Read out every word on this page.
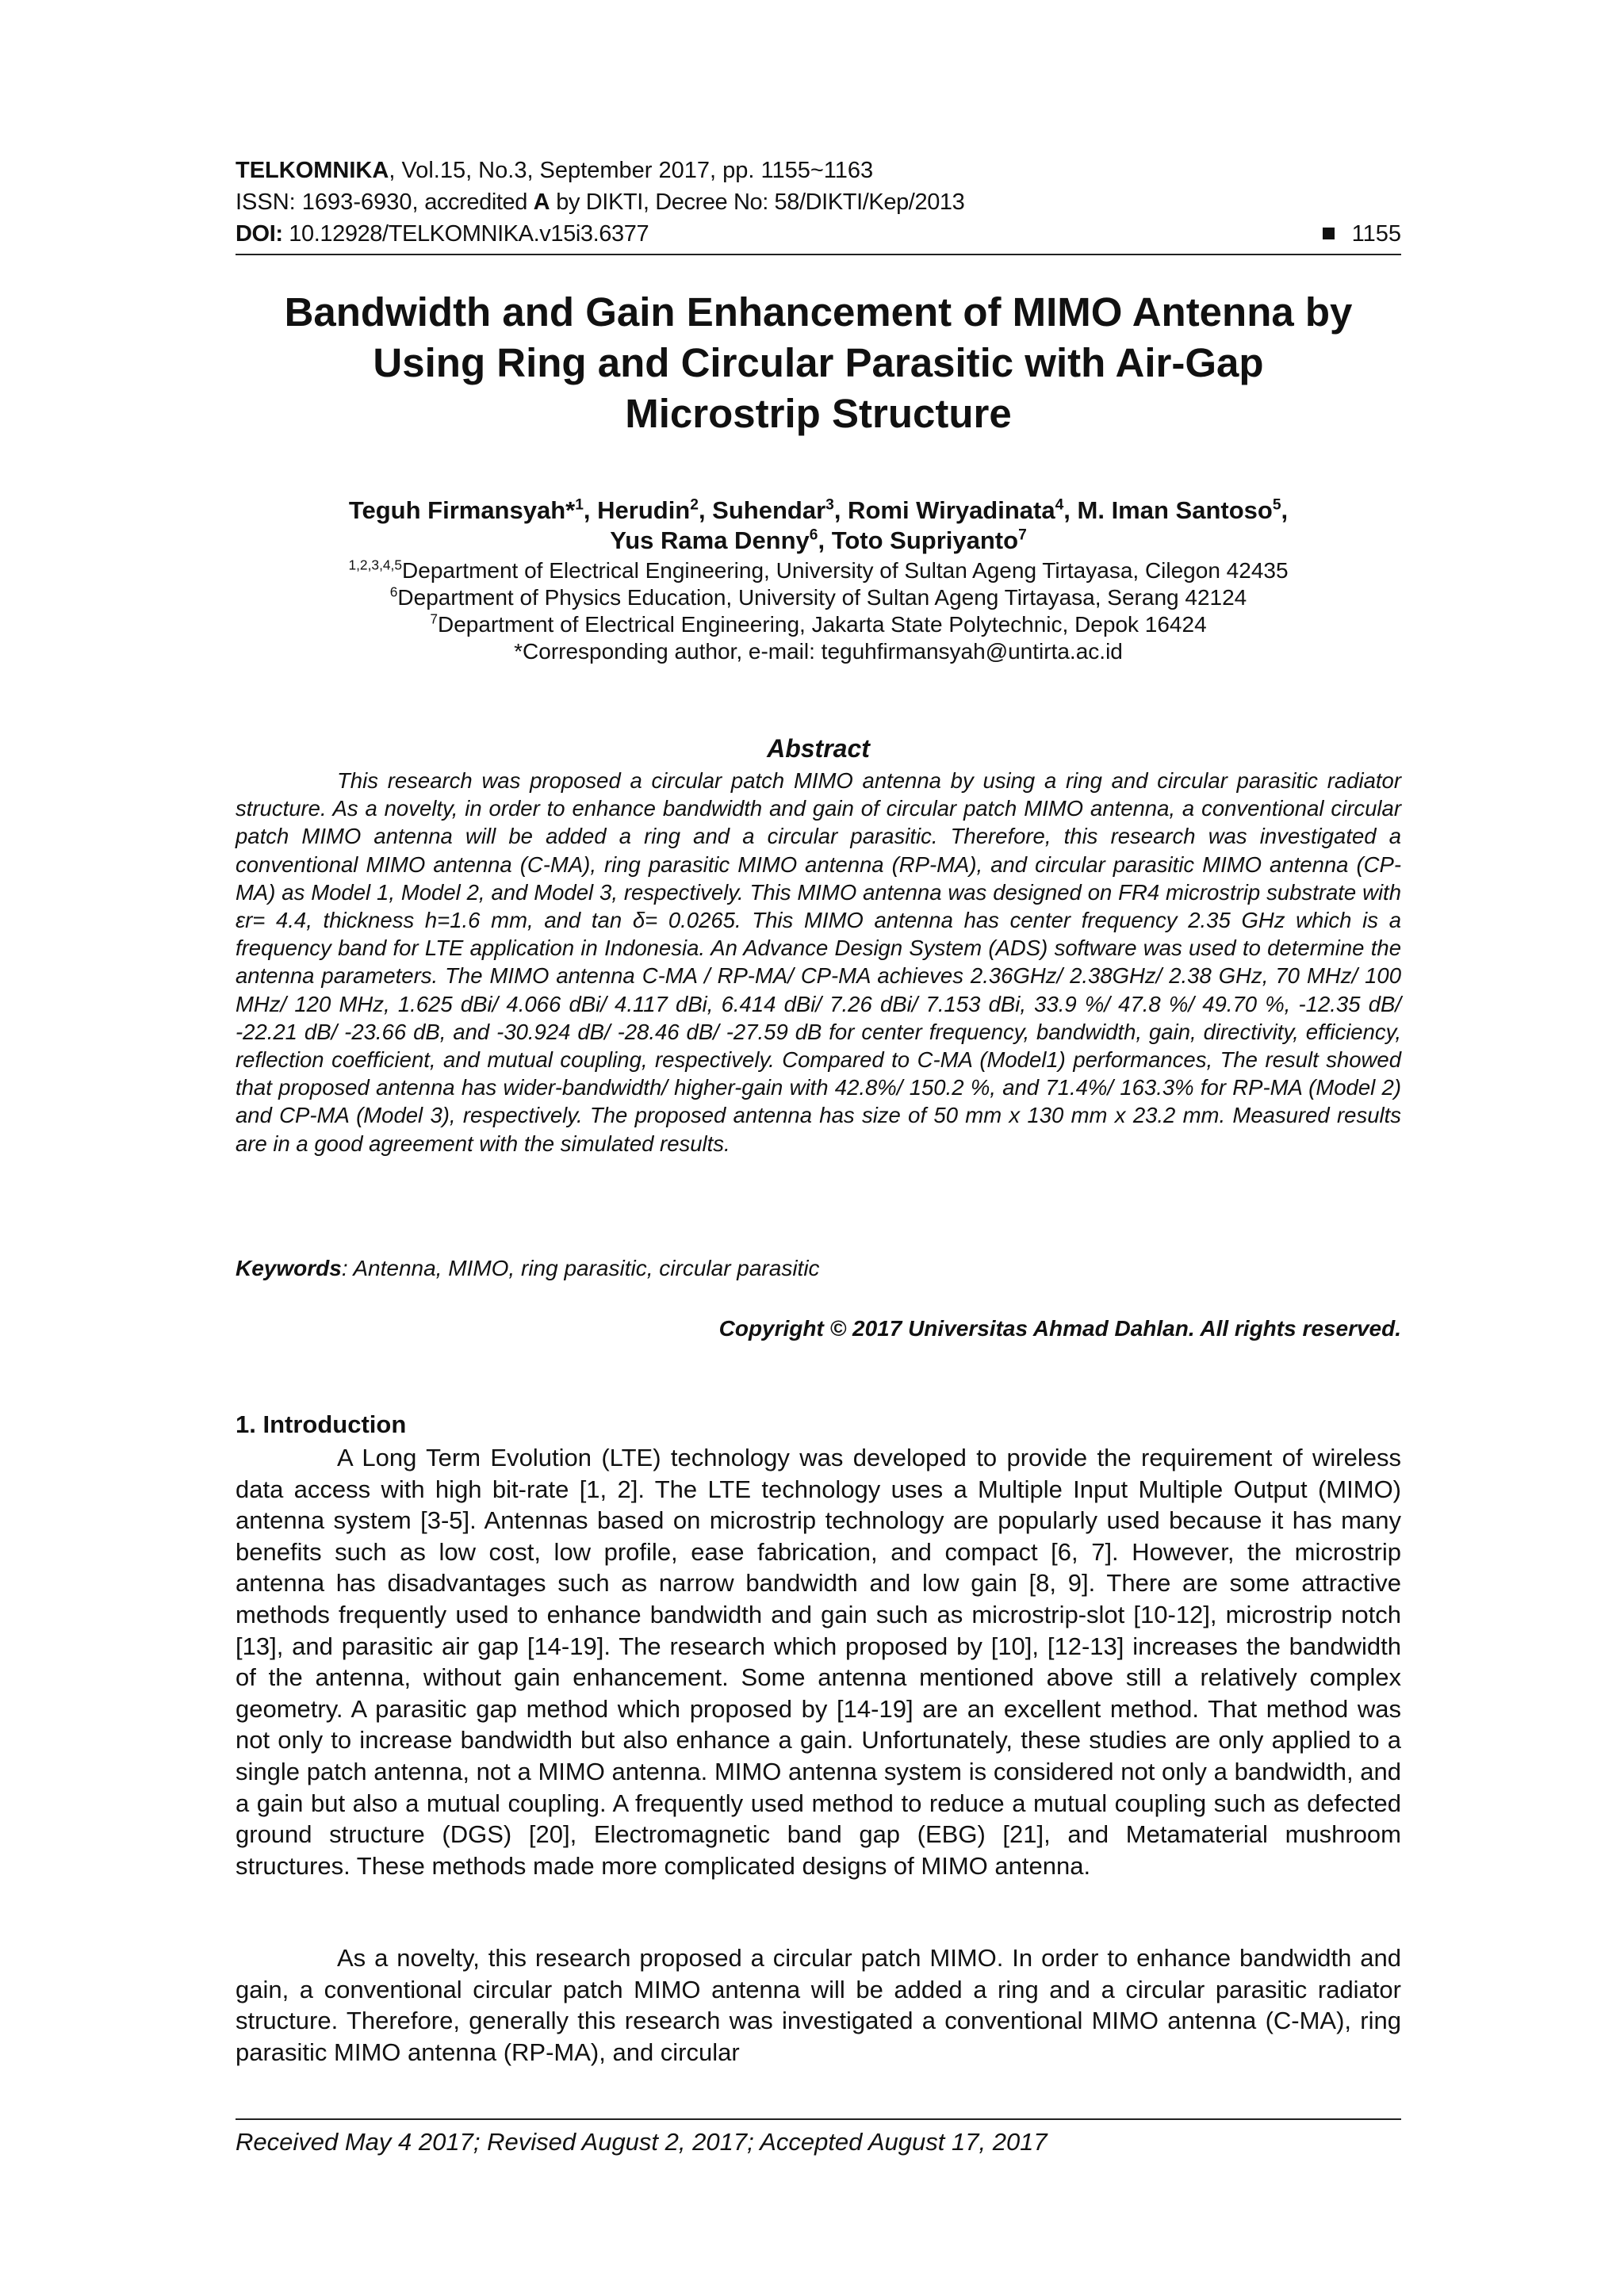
TELKOMNIKA, Vol.15, No.3, September 2017, pp. 1155~1163
ISSN: 1693-6930, accredited A by DIKTI, Decree No: 58/DIKTI/Kep/2013
DOI: 10.12928/TELKOMNIKA.v15i3.6377	1155
Bandwidth and Gain Enhancement of MIMO Antenna by
Using Ring and Circular Parasitic with Air-Gap
Microstrip Structure
Teguh Firmansyah*$^1$, Herudin$^2$, Suhendar$^3$, Romi Wiryadinata$^4$, M. Iman Santoso$^5$,
Yus Rama Denny$^6$, Toto Supriyanto$^7$
$^{1,2,3,4,5}$Department of Electrical Engineering, University of Sultan Ageng Tirtayasa, Cilegon 42435
$^6$Department of Physics Education, University of Sultan Ageng Tirtayasa, Serang 42124
$^7$Department of Electrical Engineering, Jakarta State Polytechnic, Depok 16424
*Corresponding author, e-mail: teguhfirmansyah@untirta.ac.id
Abstract

This research was proposed a circular patch MIMO antenna by using a ring and circular parasitic radiator structure. As a novelty, in order to enhance bandwidth and gain of circular patch MIMO antenna, a conventional circular patch MIMO antenna will be added a ring and a circular parasitic. Therefore, this research was investigated a conventional MIMO antenna (C-MA), ring parasitic MIMO antenna (RP-MA), and circular parasitic MIMO antenna (CP-MA) as Model 1, Model 2, and Model 3, respectively. This MIMO antenna was designed on FR4 microstrip substrate with εr= 4.4, thickness h=1.6 mm, and tan δ= 0.0265. This MIMO antenna has center frequency 2.35 GHz which is a frequency band for LTE application in Indonesia. An Advance Design System (ADS) software was used to determine the antenna parameters. The MIMO antenna C-MA / RP-MA/ CP-MA achieves 2.36GHz/ 2.38GHz/ 2.38 GHz, 70 MHz/ 100 MHz/ 120 MHz, 1.625 dBi/ 4.066 dBi/ 4.117 dBi, 6.414 dBi/ 7.26 dBi/ 7.153 dBi, 33.9 %/ 47.8 %/ 49.70 %, -12.35 dB/ -22.21 dB/ -23.66 dB, and -30.924 dB/ -28.46 dB/ -27.59 dB for center frequency, bandwidth, gain, directivity, efficiency, reflection coefficient, and mutual coupling, respectively. Compared to C-MA (Model1) performances, The result showed that proposed antenna has wider-bandwidth/ higher-gain with 42.8%/ 150.2 %, and 71.4%/ 163.3% for RP-MA (Model 2) and CP-MA (Model 3), respectively. The proposed antenna has size of 50 mm x 130 mm x 23.2 mm. Measured results are in a good agreement with the simulated results.

Keywords: Antenna, MIMO, ring parasitic, circular parasitic
Copyright © 2017 Universitas Ahmad Dahlan. All rights reserved.
1. Introduction

A Long Term Evolution (LTE) technology was developed to provide the requirement of wireless data access with high bit-rate [1, 2]. The LTE technology uses a Multiple Input Multiple Output (MIMO) antenna system [3-5]. Antennas based on microstrip technology are popularly used because it has many benefits such as low cost, low profile, ease fabrication, and compact [6, 7]. However, the microstrip antenna has disadvantages such as narrow bandwidth and low gain [8, 9]. There are some attractive methods frequently used to enhance bandwidth and gain such as microstrip-slot [10-12], microstrip notch [13], and parasitic air gap [14-19]. The research which proposed by [10], [12-13] increases the bandwidth of the antenna, without gain enhancement. Some antenna mentioned above still a relatively complex geometry. A parasitic gap method which proposed by [14-19] are an excellent method. That method was not only to increase bandwidth but also enhance a gain. Unfortunately, these studies are only applied to a single patch antenna, not a MIMO antenna. MIMO antenna system is considered not only a bandwidth, and a gain but also a mutual coupling. A frequently used method to reduce a mutual coupling such as defected ground structure (DGS) [20], Electromagnetic band gap (EBG) [21], and Metamaterial mushroom structures. These methods made more complicated designs of MIMO antenna.

As a novelty, this research proposed a circular patch MIMO. In order to enhance bandwidth and gain, a conventional circular patch MIMO antenna will be added a ring and a circular parasitic radiator structure. Therefore, generally this research was investigated a conventional MIMO antenna (C-MA), ring parasitic MIMO antenna (RP-MA), and circular

Received May 4 2017; Revised August 2, 2017; Accepted August 17, 2017
